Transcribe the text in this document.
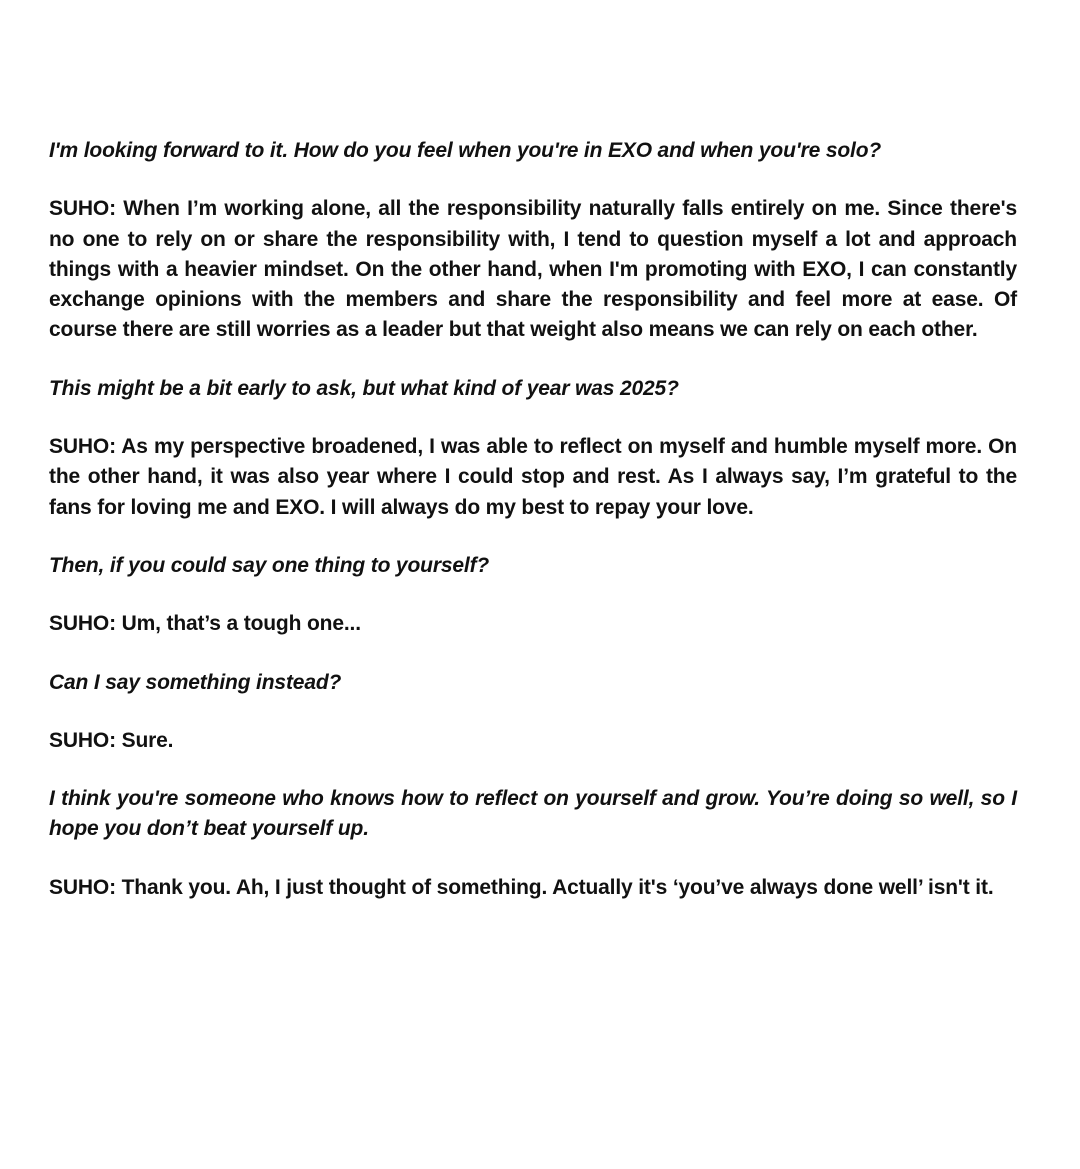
I'm looking forward to it. How do you feel when you're in EXO and when you're solo?

SUHO: When I’m working alone, all the responsibility naturally falls entirely on me. Since there's no one to rely on or share the responsibility with, I tend to question myself a lot and approach things with a heavier mindset. On the other hand, when I'm promoting with EXO, I can constantly exchange opinions with the members and share the responsibility and feel more at ease. Of course there are still worries as a leader but that weight also means we can rely on each other.

This might be a bit early to ask, but what kind of year was 2025?

SUHO: As my perspective broadened, I was able to reflect on myself and humble myself more. On the other hand, it was also year where I could stop and rest. As I always say, I’m grateful to the fans for loving me and EXO. I will always do my best to repay your love.

Then, if you could say one thing to yourself?

SUHO: Um, that’s a tough one...

Can I say something instead?

SUHO: Sure.

I think you're someone who knows how to reflect on yourself and grow. You’re doing so well, so I hope you don’t beat yourself up.

SUHO: Thank you. Ah, I just thought of something. Actually it's ‘you’ve always done well’ isn't it.
